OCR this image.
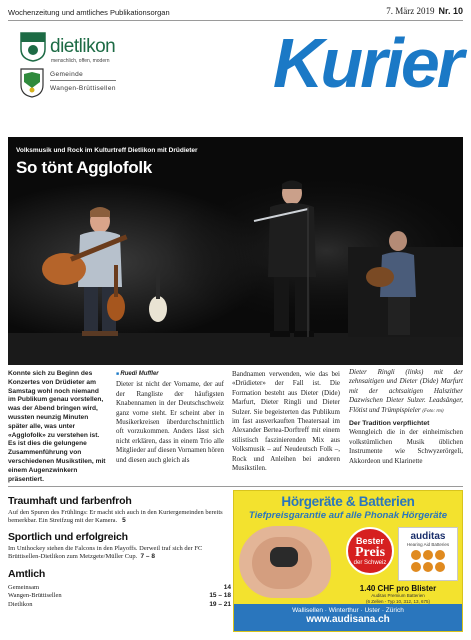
Wochenzeitung und amtliches Publikationsorgan	7. März 2019 Nr. 10
dietlikon
menschlich, offen, modern
Gemeinde
Wangen-Brüttisellen Kurier
Volksmusik und Rock im Kulturtreff Dietlikon mit Drüdieter
So tönt Agglofolk
Konnte sich zu Beginn des Konzertes von Drüdieter am Samstag wohl noch niemand im Publikum genau vorstellen, was der Abend bringen wird, wussten neunzig Minuten später alle, was unter «Agglofolk» zu verstehen ist. Es ist dies die gelungene Zusammenführung von verschiedenen Musikstilen, mit einem Augenzwinkern präsentiert.
■ Ruedi Muffler
Dieter ist nicht der Vorname, der auf der Rangliste der häufigsten Knabennamen in der Deutschschweiz ganz vorne steht. Er scheint aber in Musikerkreisen überdurchschnittlich oft vorzukommen. Anders lässt sich nicht erklären, dass in einem Trio alle Mitglieder auf diesen Vornamen hören und diesen auch gleich als
Bandnamen verwenden, wie das bei «Drüdieter» der Fall ist. Die Formation besteht aus Dieter (Dide) Marfurt, Dieter Ringli und Dieter Sulzer. Sie begeisterten das Publikum im fast ausverkauften Theatersaal im Alexander Bertea-Dorftreff mit einem stilistisch faszinierenden Mix aus Volksmusik – auf Neudeutsch Folk –, Rock und Anleihen bei anderen Musikstilen.
Dieter Ringli (links) mit der zehnsaitigen und Dieter (Dide) Marfurt mit der achtsaitigen Halszither Dazwischen Dieter Sulzer. Leadsänger, Flötist und Trümpispieler (Foto: rm)
Der Tradition verpflichtet
Wenngleich die in der einheimischen volkstümlichen Musik üblichen Instrumente wie Schwyzerörgeli, Akkordeon und Klarinette
Traumhaft und farbenfroh
Auf den Spuren des Frühlings: Er macht sich auch in den Kuriergemeinden bereits bemerkbar. Ein Streifzug mit der Kamera. 5
Sportlich und erfolgreich
Im Unihockey stehen die Falcons in den Playoffs. Derweil traf sich der FC Brüttisellen-Dietlikon zum Metzgete/Müller Cup. 7 – 8
Amtlich
Gemeinsam	14
Wangen-Brüttisellen	15 – 18
Dietlikon	19 – 21
Hörgeräte & Batterien
Tiefpreisgarantie auf alle Phonak Hörgeräte
Bester
Preis
der Schweiz
auditas
Hearing Aid Batteries
1.40 CHF pro Blister
Auditas Premium Batterien
(6 Zellen - Typ 10, 312, 13, 675)
Wallisellen · Winterthur · Uster · Zürich
www.audisana.ch
